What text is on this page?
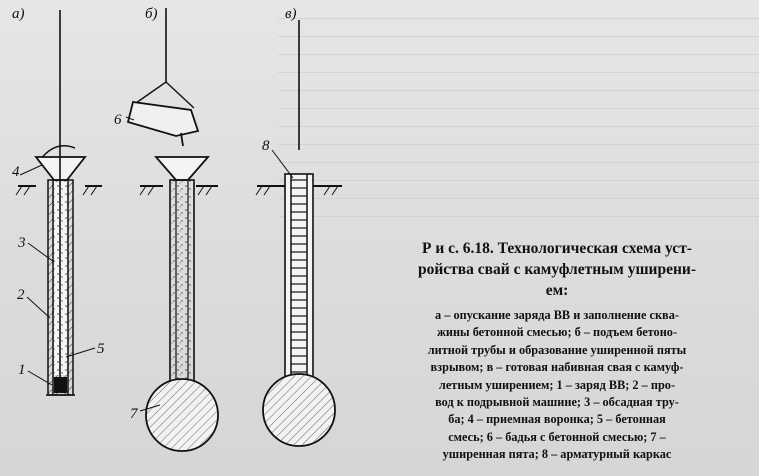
а)	б)	в)
4
3
2
5
1
6
7
8
Р и с. 6.18. Технологическая схема уст-
ройства свай с камуфлетным уширени-
ем:
а – опускание заряда ВВ и заполнение сква-
жины бетонной смесью; б – подъем бетоно-
литной трубы и образование уширенной пяты
взрывом; в – готовая набивная свая с камуф-
летным уширением; 1 – заряд ВВ; 2 – про-
вод к подрывной машине; 3 – обсадная тру-
ба; 4 – приемная воронка; 5 – бетонная
смесь; 6 – бадья с бетонной смесью; 7 –
уширенная пята; 8 – арматурный каркас
